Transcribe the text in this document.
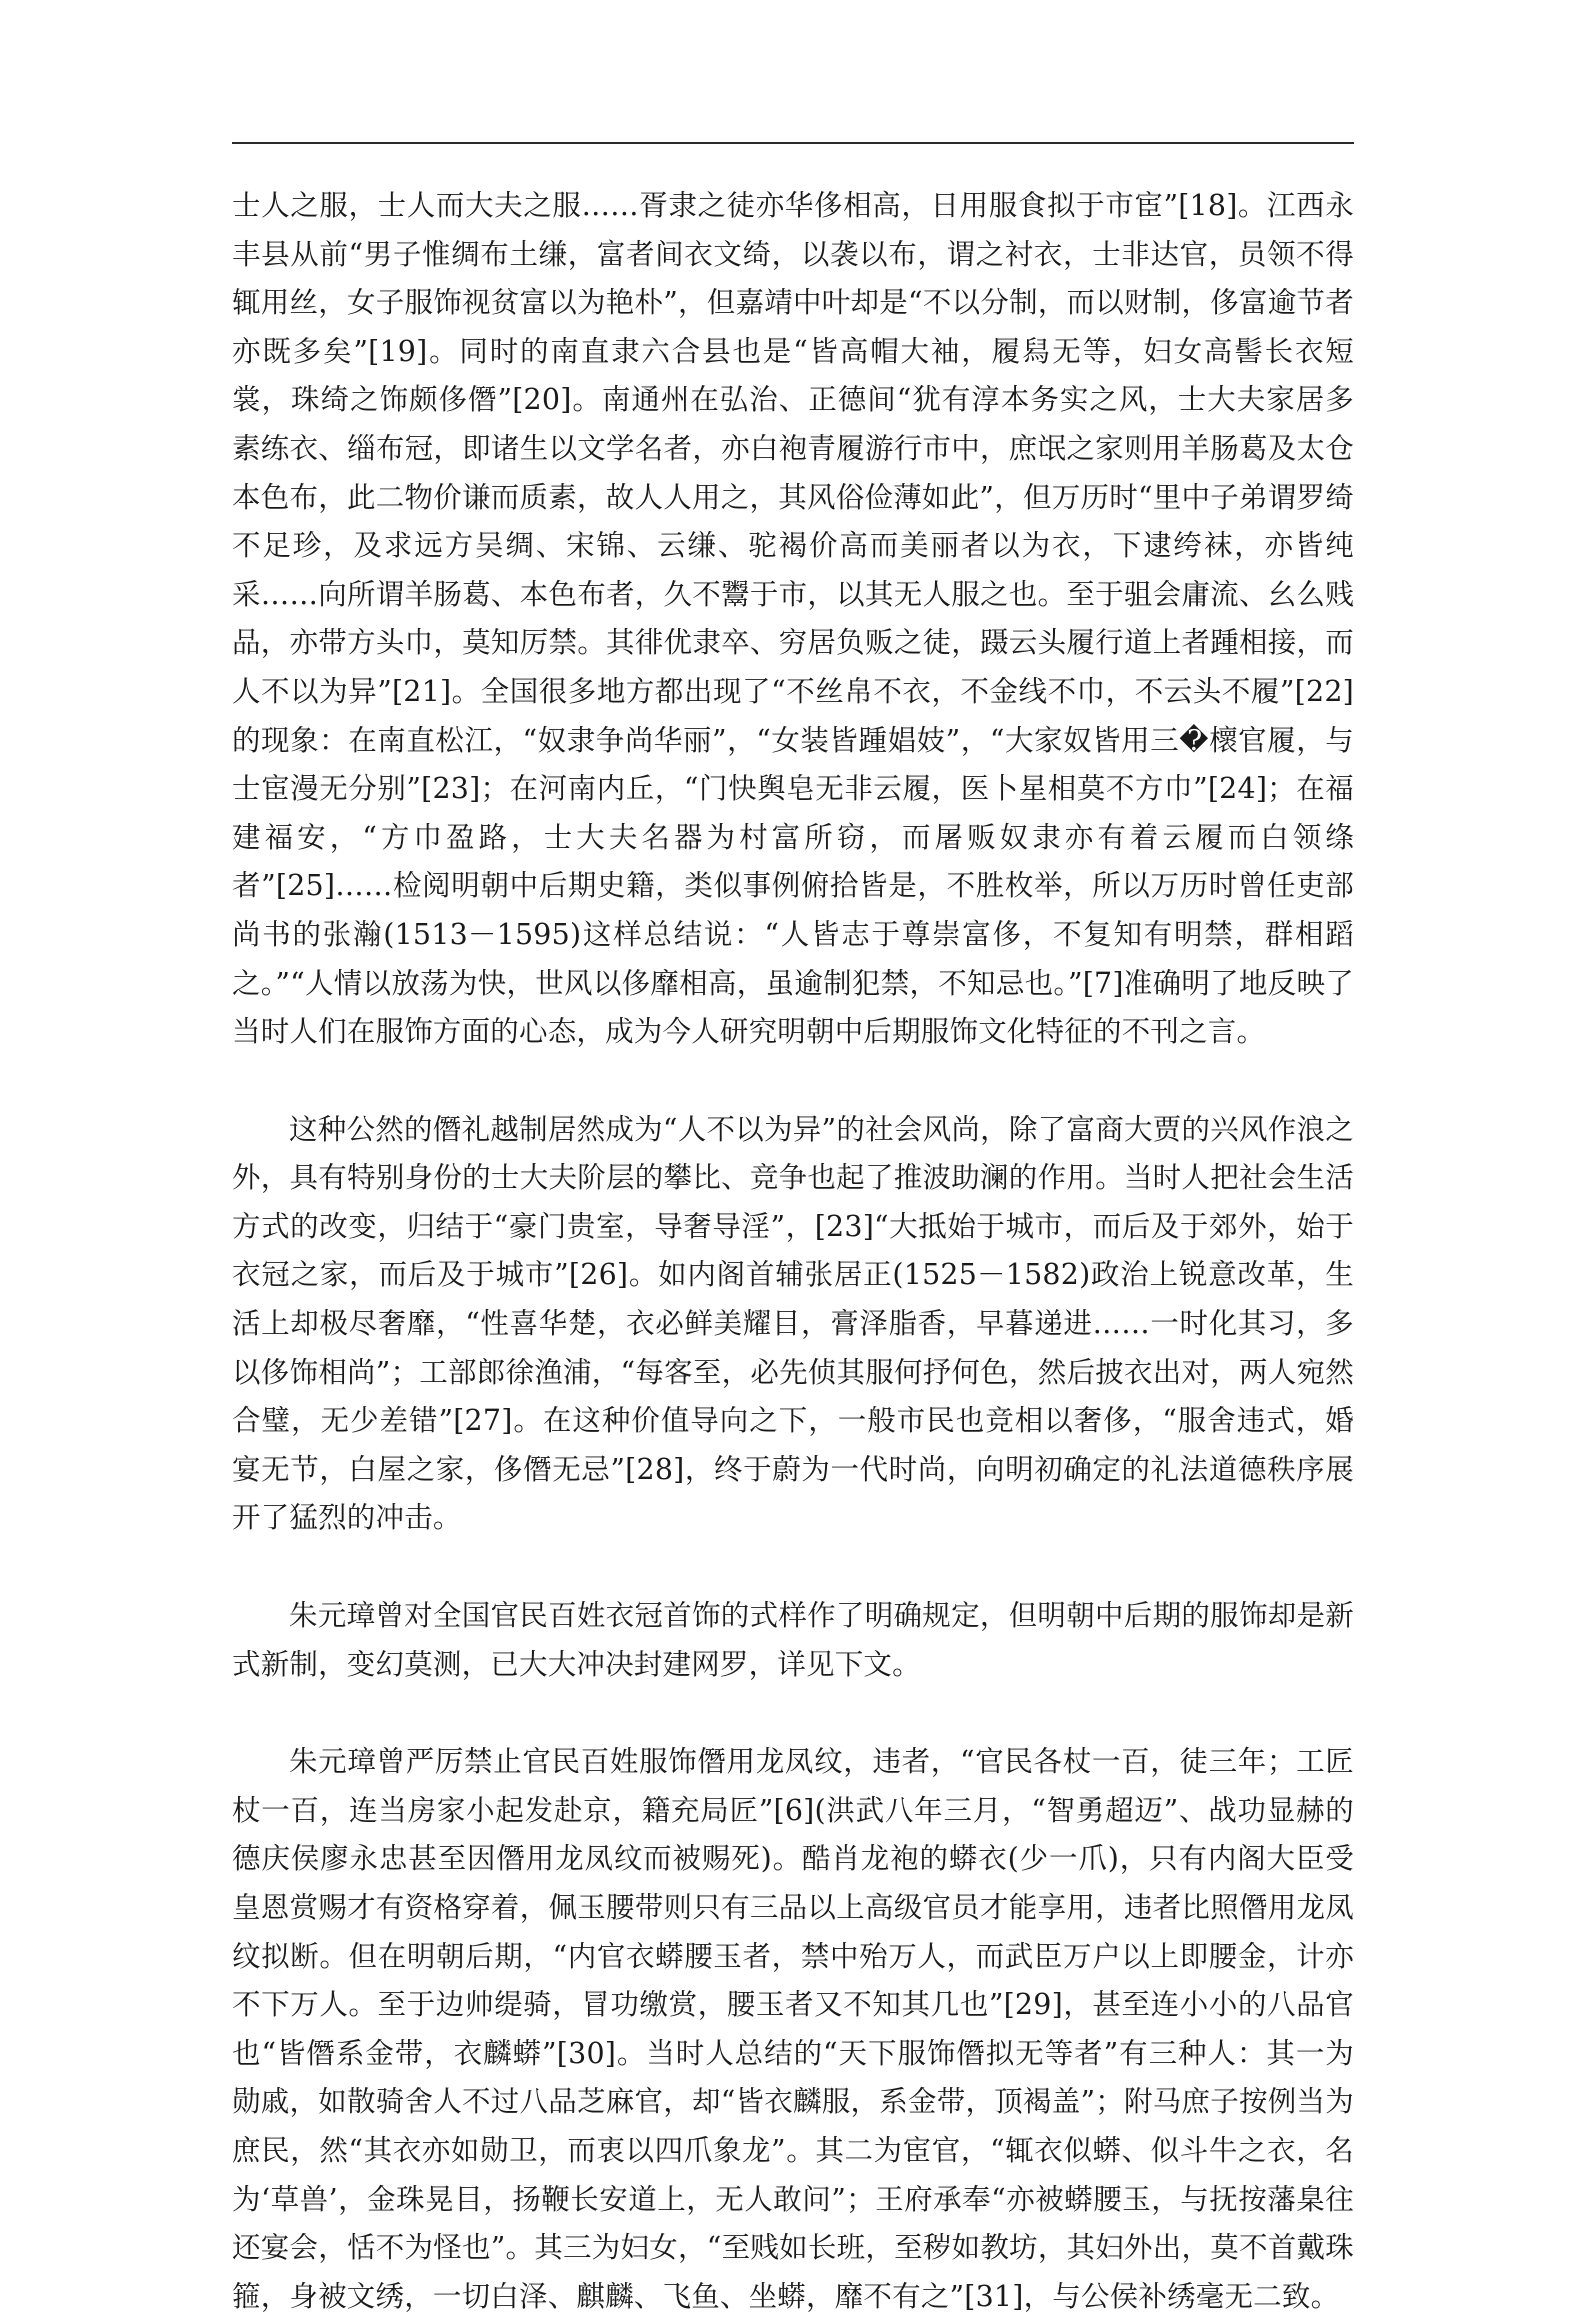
士人之服，士人而大夫之服……胥隶之徒亦华侈相高，日用服食拟于市宦”[18]。江西永丰县从前“男子惟绸布土缣，富者间衣文绮，以袭以布，谓之衬衣，士非达官，员领不得辄用丝，女子服饰视贫富以为艳朴”，但嘉靖中叶却是“不以分制，而以财制，侈富逾节者亦既多矣”[19]。同时的南直隶六合县也是“皆高帽大袖，履舄无等，妇女高髻长衣短裳，珠绮之饰颇侈僭”[20]。南通州在弘治、正德间“犹有淳本务实之风，士大夫家居多素练衣、缁布冠，即诸生以文学名者，亦白袍青履游行市中，庶氓之家则用羊肠葛及太仓本色布，此二物价谦而质素，故人人用之，其风俗俭薄如此”，但万历时“里中子弟谓罗绮不足珍，及求远方吴绸、宋锦、云缣、驼褐价高而美丽者以为衣，下逮绔袜，亦皆纯采……向所谓羊肠葛、本色布者，久不鬻于市，以其无人服之也。至于驵会庸流、幺么贱品，亦带方头巾，莫知厉禁。其徘优隶卒、穷居负贩之徒，蹑云头履行道上者踵相接，而人不以为异”[21]。全国很多地方都出现了“不丝帛不衣，不金线不巾，不云头不履”[22]的现象：在南直松江，“奴隶争尚华丽”，“女装皆踵娼妓”，“大家奴皆用三�櫰官履，与士宦漫无分别”[23]；在河南内丘，“门快舆皂无非云履，医卜星相莫不方巾”[24]；在福建福安，“方巾盈路，士大夫名器为村富所窃，而屠贩奴隶亦有着云履而白领绦者”[25]……检阅明朝中后期史籍，类似事例俯拾皆是，不胜枚举，所以万历时曾任吏部尚书的张瀚(1513－1595)这样总结说：“人皆志于尊崇富侈，不复知有明禁，群相蹈之。”“人情以放荡为快，世风以侈靡相高，虽逾制犯禁，不知忌也。”[7]准确明了地反映了当时人们在服饰方面的心态，成为今人研究明朝中后期服饰文化特征的不刊之言。

这种公然的僭礼越制居然成为“人不以为异”的社会风尚，除了富商大贾的兴风作浪之外，具有特别身份的士大夫阶层的攀比、竞争也起了推波助澜的作用。当时人把社会生活方式的改变，归结于“豪门贵室，导奢导淫”，[23]“大抵始于城市，而后及于郊外，始于衣冠之家，而后及于城市”[26]。如内阁首辅张居正(1525－1582)政治上锐意改革，生活上却极尽奢靡，“性喜华楚，衣必鲜美耀目，膏泽脂香，早暮递进……一时化其习，多以侈饰相尚”；工部郎徐渔浦，“每客至，必先侦其服何抒何色，然后披衣出对，两人宛然合璧，无少差错”[27]。在这种价值导向之下，一般市民也竞相以奢侈，“服舍违式，婚宴无节，白屋之家，侈僭无忌”[28]，终于蔚为一代时尚，向明初确定的礼法道德秩序展开了猛烈的冲击。

朱元璋曾对全国官民百姓衣冠首饰的式样作了明确规定，但明朝中后期的服饰却是新式新制，变幻莫测，已大大冲决封建网罗，详见下文。

朱元璋曾严厉禁止官民百姓服饰僭用龙凤纹，违者，“官民各杖一百，徒三年；工匠杖一百，连当房家小起发赴京，籍充局匠”[6](洪武八年三月，“智勇超迈”、战功显赫的德庆侯廖永忠甚至因僭用龙凤纹而被赐死)。酷肖龙袍的蟒衣(少一爪)，只有内阁大臣受皇恩赏赐才有资格穿着，佩玉腰带则只有三品以上高级官员才能享用，违者比照僭用龙凤纹拟断。但在明朝后期，“内官衣蟒腰玉者，禁中殆万人，而武臣万户以上即腰金，计亦不下万人。至于边帅缇骑，冒功缴赏，腰玉者又不知其几也”[29]，甚至连小小的八品官也“皆僭系金带，衣麟蟒”[30]。当时人总结的“天下服饰僭拟无等者”有三种人：其一为勋戚，如散骑舍人不过八品芝麻官，却“皆衣麟服，系金带，顶褐盖”；附马庶子按例当为庶民，然“其衣亦如勋卫，而衷以四爪象龙”。其二为宦官，“辄衣似蟒、似斗牛之衣，名为‘草兽’，金珠晃目，扬鞭长安道上，无人敢问”；王府承奉“亦被蟒腰玉，与抚按藩臬往还宴会，恬不为怪也”。其三为妇女，“至贱如长班，至秽如教坊，其妇外出，莫不首戴珠箍，身被文绣，一切白泽、麒麟、飞鱼、坐蟒，靡不有之”[31]，与公侯补绣毫无二致。
